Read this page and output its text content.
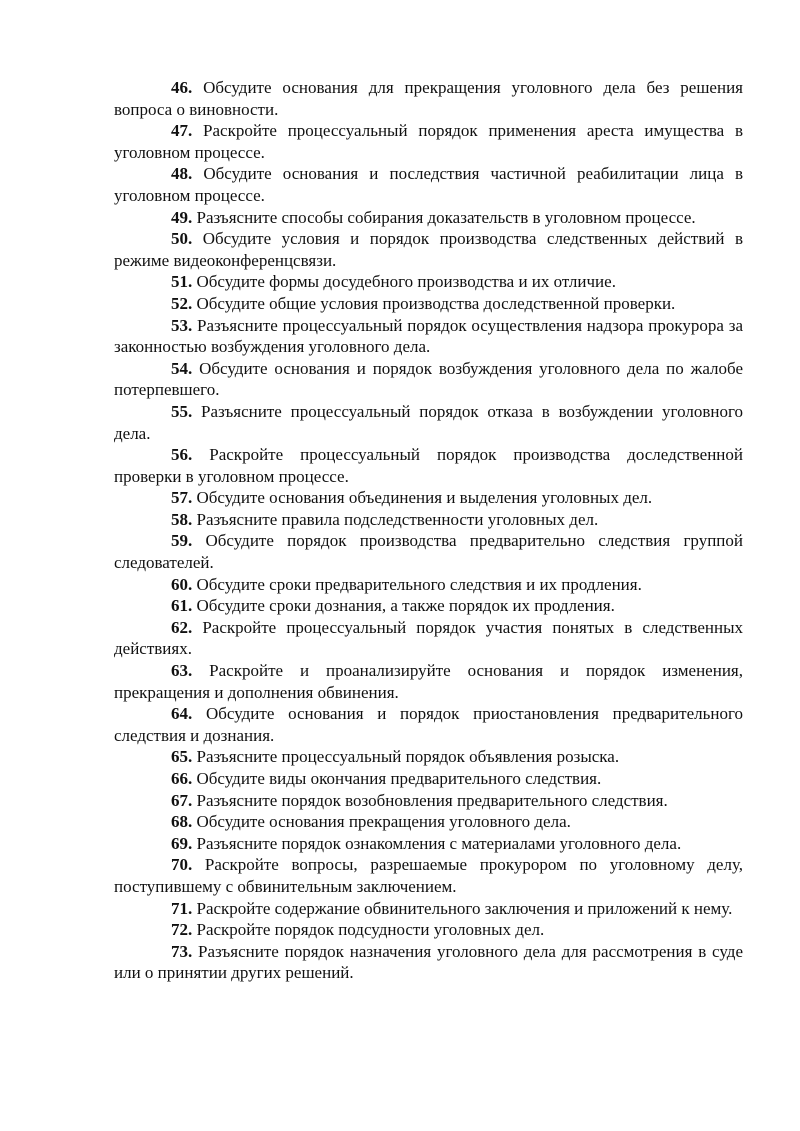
46. Обсудите основания для прекращения уголовного дела без решения вопроса о виновности.
47. Раскройте процессуальный порядок применения ареста имущества в уголовном процессе.
48. Обсудите основания и последствия частичной реабилитации лица в уголовном процессе.
49. Разъясните способы собирания доказательств в уголовном процессе.
50. Обсудите условия и порядок производства следственных действий в режиме видеоконференцсвязи.
51. Обсудите формы досудебного производства и их отличие.
52. Обсудите общие условия производства доследственной проверки.
53. Разъясните процессуальный порядок осуществления надзора прокурора за законностью возбуждения уголовного дела.
54. Обсудите основания и порядок возбуждения уголовного дела по жалобе потерпевшего.
55. Разъясните процессуальный порядок отказа в возбуждении уголовного дела.
56. Раскройте процессуальный порядок производства доследственной проверки в уголовном процессе.
57. Обсудите основания объединения и выделения уголовных дел.
58. Разъясните правила подследственности уголовных дел.
59. Обсудите порядок производства предварительно следствия группой следователей.
60. Обсудите сроки предварительного следствия и их продления.
61. Обсудите сроки дознания, а также порядок их продления.
62. Раскройте процессуальный порядок участия понятых в следственных действиях.
63. Раскройте и проанализируйте основания и порядок изменения, прекращения и дополнения обвинения.
64. Обсудите основания и порядок приостановления предварительного следствия и дознания.
65. Разъясните процессуальный порядок объявления розыска.
66. Обсудите виды окончания предварительного следствия.
67. Разъясните порядок возобновления предварительного следствия.
68. Обсудите основания прекращения уголовного дела.
69. Разъясните порядок ознакомления с материалами уголовного дела.
70. Раскройте вопросы, разрешаемые прокурором по уголовному делу, поступившему с обвинительным заключением.
71. Раскройте содержание обвинительного заключения и приложений к нему.
72. Раскройте порядок подсудности уголовных дел.
73. Разъясните порядок назначения уголовного дела для рассмотрения в суде или о принятии других решений.
